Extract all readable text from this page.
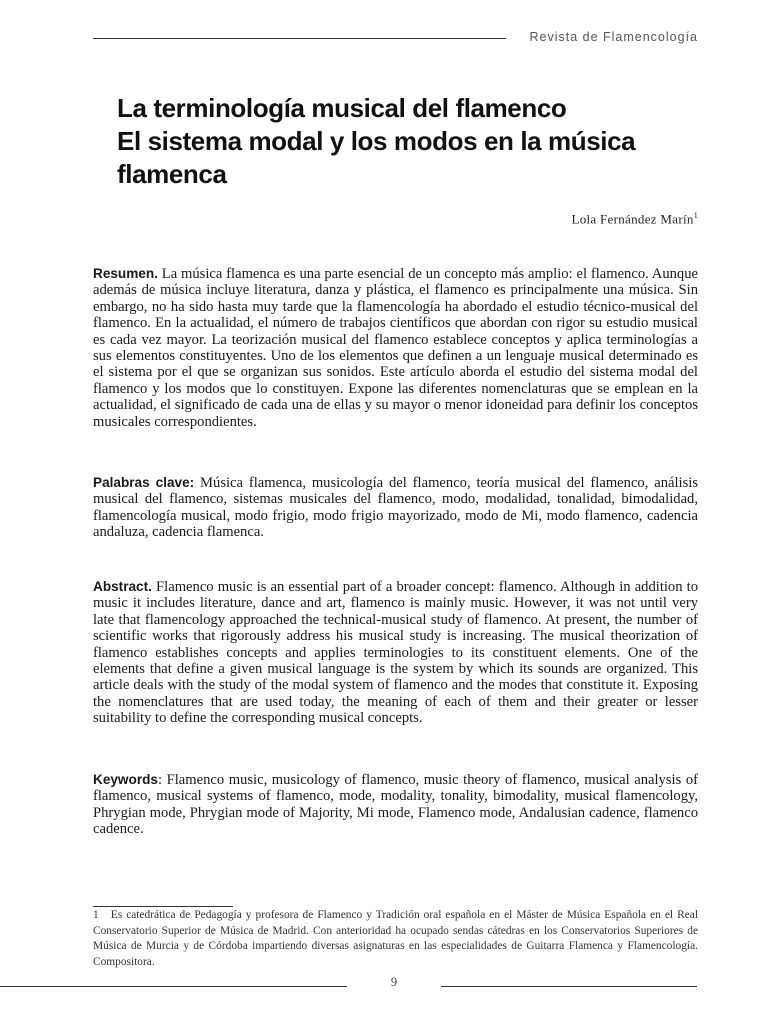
Revista de Flamencología
La terminología musical del flamenco
El sistema modal y los modos en la música
flamenca
Lola Fernández Marín$^1$

Resumen. La música flamenca es una parte esencial de un concepto más amplio: el flamenco. Aunque además de música incluye literatura, danza y plástica, el flamenco es principalmente una música. Sin embargo, no ha sido hasta muy tarde que la flamencología ha abordado el estudio técnico-musical del flamenco. En la actualidad, el número de trabajos científicos que abordan con rigor su estudio musical es cada vez mayor. La teorización musical del flamenco establece conceptos y aplica terminologías a sus elementos constituyentes. Uno de los elementos que definen a un lenguaje musical determinado es el sistema por el que se organizan sus sonidos. Este artículo aborda el estudio del sistema modal del flamenco y los modos que lo constituyen. Expone las diferentes nomenclaturas que se emplean en la actualidad, el significado de cada una de ellas y su mayor o menor idoneidad para definir los conceptos musicales correspondientes.

Palabras clave: Música flamenca, musicología del flamenco, teoría musical del flamenco, análisis musical del flamenco, sistemas musicales del flamenco, modo, modalidad, tonalidad, bimodalidad, flamencología musical, modo frigio, modo frigio mayorizado, modo de Mi, modo flamenco, cadencia andaluza, cadencia flamenca.

Abstract. Flamenco music is an essential part of a broader concept: flamenco. Although in addition to music it includes literature, dance and art, flamenco is mainly music. However, it was not until very late that flamencology approached the technical-musical study of flamenco. At present, the number of scientific works that rigorously address his musical study is increasing. The musical theorization of flamenco establishes concepts and applies terminologies to its constituent elements. One of the elements that define a given musical language is the system by which its sounds are organized. This article deals with the study of the modal system of flamenco and the modes that constitute it. Exposing the nomenclatures that are used today, the meaning of each of them and their greater or lesser suitability to define the corresponding musical concepts.

Keywords: Flamenco music, musicology of flamenco, music theory of flamenco, musical analysis of flamenco, musical systems of flamenco, mode, modality, tonality, bimodality, musical flamencology, Phrygian mode, Phrygian mode of Majority, Mi mode, Flamenco mode, Andalusian cadence, flamenco cadence.

1 Es catedrática de Pedagogía y profesora de Flamenco y Tradición oral española en el Máster de Música Española en el Real Conservatorio Superior de Música de Madrid. Con anterioridad ha ocupado sendas cátedras en los Conservatorios Superiores de Música de Murcia y de Córdoba impartiendo diversas asignaturas en las especialidades de Guitarra Flamenca y Flamencología. Compositora.

9
